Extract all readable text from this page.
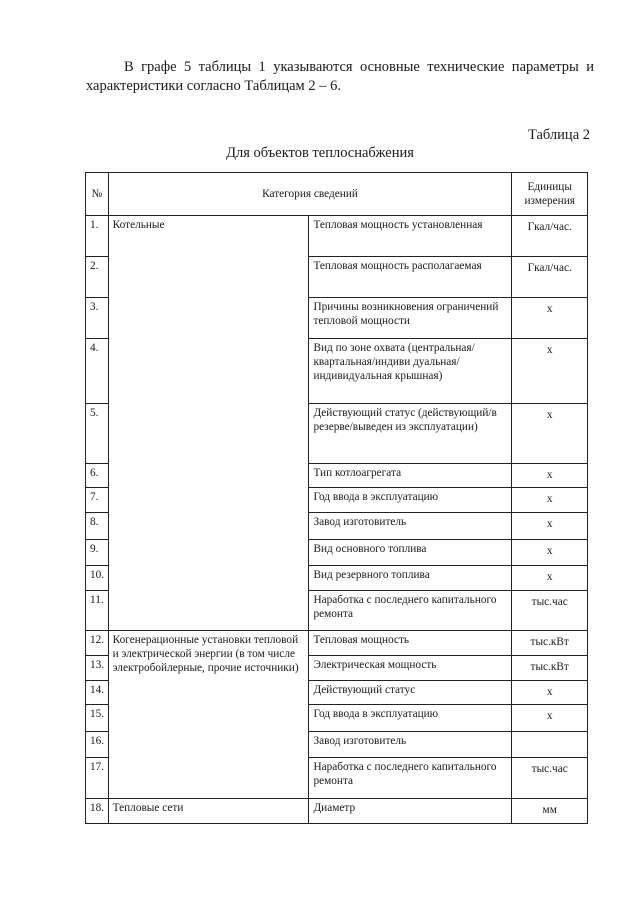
В графе 5 таблицы 1 указываются основные технические параметры и характеристики согласно Таблицам 2 – 6.

Таблица 2
Для объектов теплоснабжения
№	Категория сведений		Единицы измерения
1.	Котельные	Тепловая мощность установленная	Гкал/час.
2.		Тепловая мощность располагаемая	Гкал/час.
3.		Причины возникновения ограничений тепловой мощности	х
4.		Вид по зоне охвата (центральная/квартальная/индиви дуальная/индивидуальная крышная)	х
5.		Действующий статус (действующий/в резерве/выведен из эксплуатации)	х
6.		Тип котлоагрегата	х
7.		Год ввода в эксплуатацию	х
8.		Завод изготовитель	х
9.		Вид основного топлива	х
10.		Вид резервного топлива	х
11.		Наработка с последнего капитального ремонта	тыс.час
12.	Когенерационные установки тепловой и электрической энергии (в том числе электробойлерные, прочие источники)	Тепловая мощность	тыс.кВт
13.		Электрическая мощность	тыс.кВт
14.		Действующий статус	х
15.		Год ввода в эксплуатацию	х
16.		Завод изготовитель	
17.		Наработка с последнего капитального ремонта	тыс.час
18.	Тепловые сети	Диаметр	мм
